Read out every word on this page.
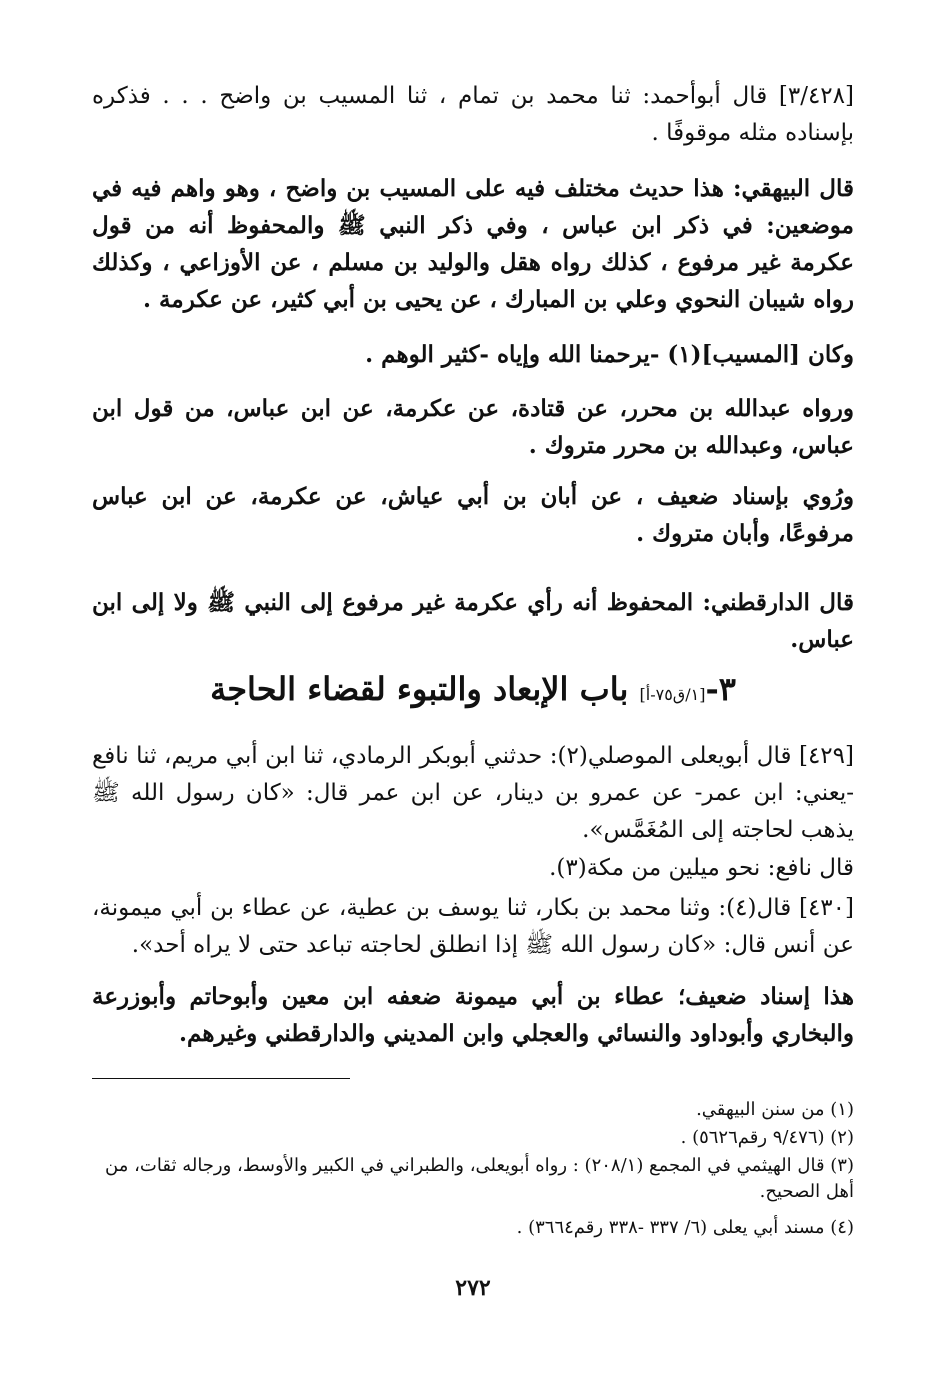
[٣/٤٢٨] قال أبوأحمد: ثنا محمد بن تمام ، ثنا المسيب بن واضح . . . فذكره بإسناده مثله موقوفًا .

قال البيهقي: هذا حديث مختلف فيه على المسيب بن واضح ، وهو واهم فيه في موضعين: في ذكر ابن عباس ، وفي ذكر النبي ﷺ والمحفوظ أنه من قول عكرمة غير مرفوع ، كذلك رواه هقل والوليد بن مسلم ، عن الأوزاعي ، وكذلك رواه شيبان النحوي وعلي بن المبارك ، عن يحيى بن أبي كثير، عن عكرمة .

وكان [المسيب](١) -يرحمنا الله وإياه -كثير الوهم .

ورواه عبدالله بن محرر، عن قتادة، عن عكرمة، عن ابن عباس، من قول ابن عباس، وعبدالله بن محرر متروك .

ورُوي بإسناد ضعيف ، عن أبان بن أبي عياش، عن عكرمة، عن ابن عباس مرفوعًا، وأبان متروك .

قال الدارقطني: المحفوظ أنه رأي عكرمة غير مرفوع إلى النبي ﷺ ولا إلى ابن عباس.

٣-[١/ق٧٥-أ] باب الإبعاد والتبوء لقضاء الحاجة

[٤٢٩] قال أبويعلى الموصلي(٢): حدثني أبوبكر الرمادي، ثنا ابن أبي مريم، ثنا نافع -يعني: ابن عمر- عن عمرو بن دينار، عن ابن عمر قال: «كان رسول الله ﷺ يذهب لحاجته إلى المُغَمَّس».

قال نافع: نحو ميلين من مكة(٣).

[٤٣٠] قال(٤): وثنا محمد بن بكار، ثنا يوسف بن عطية، عن عطاء بن أبي ميمونة، عن أنس قال: «كان رسول الله ﷺ إذا انطلق لحاجته تباعد حتى لا يراه أحد».

هذا إسناد ضعيف؛ عطاء بن أبي ميمونة ضعفه ابن معين وأبوحاتم وأبوزرعة والبخاري وأبوداود والنسائي والعجلي وابن المديني والدارقطني وغيرهم.

(١) من سنن البيهقي.

(٢) (٩/٤٧٦ رقم٥٦٢٦) .

(٣) قال الهيثمي في المجمع (٢٠٨/١) : رواه أبويعلى، والطبراني في الكبير والأوسط، ورجاله ثقات، من أهل الصحيح.

(٤) مسند أبي يعلى (٦/ ٣٣٧ -٣٣٨ رقم٣٦٦٤) .

٢٧٢
